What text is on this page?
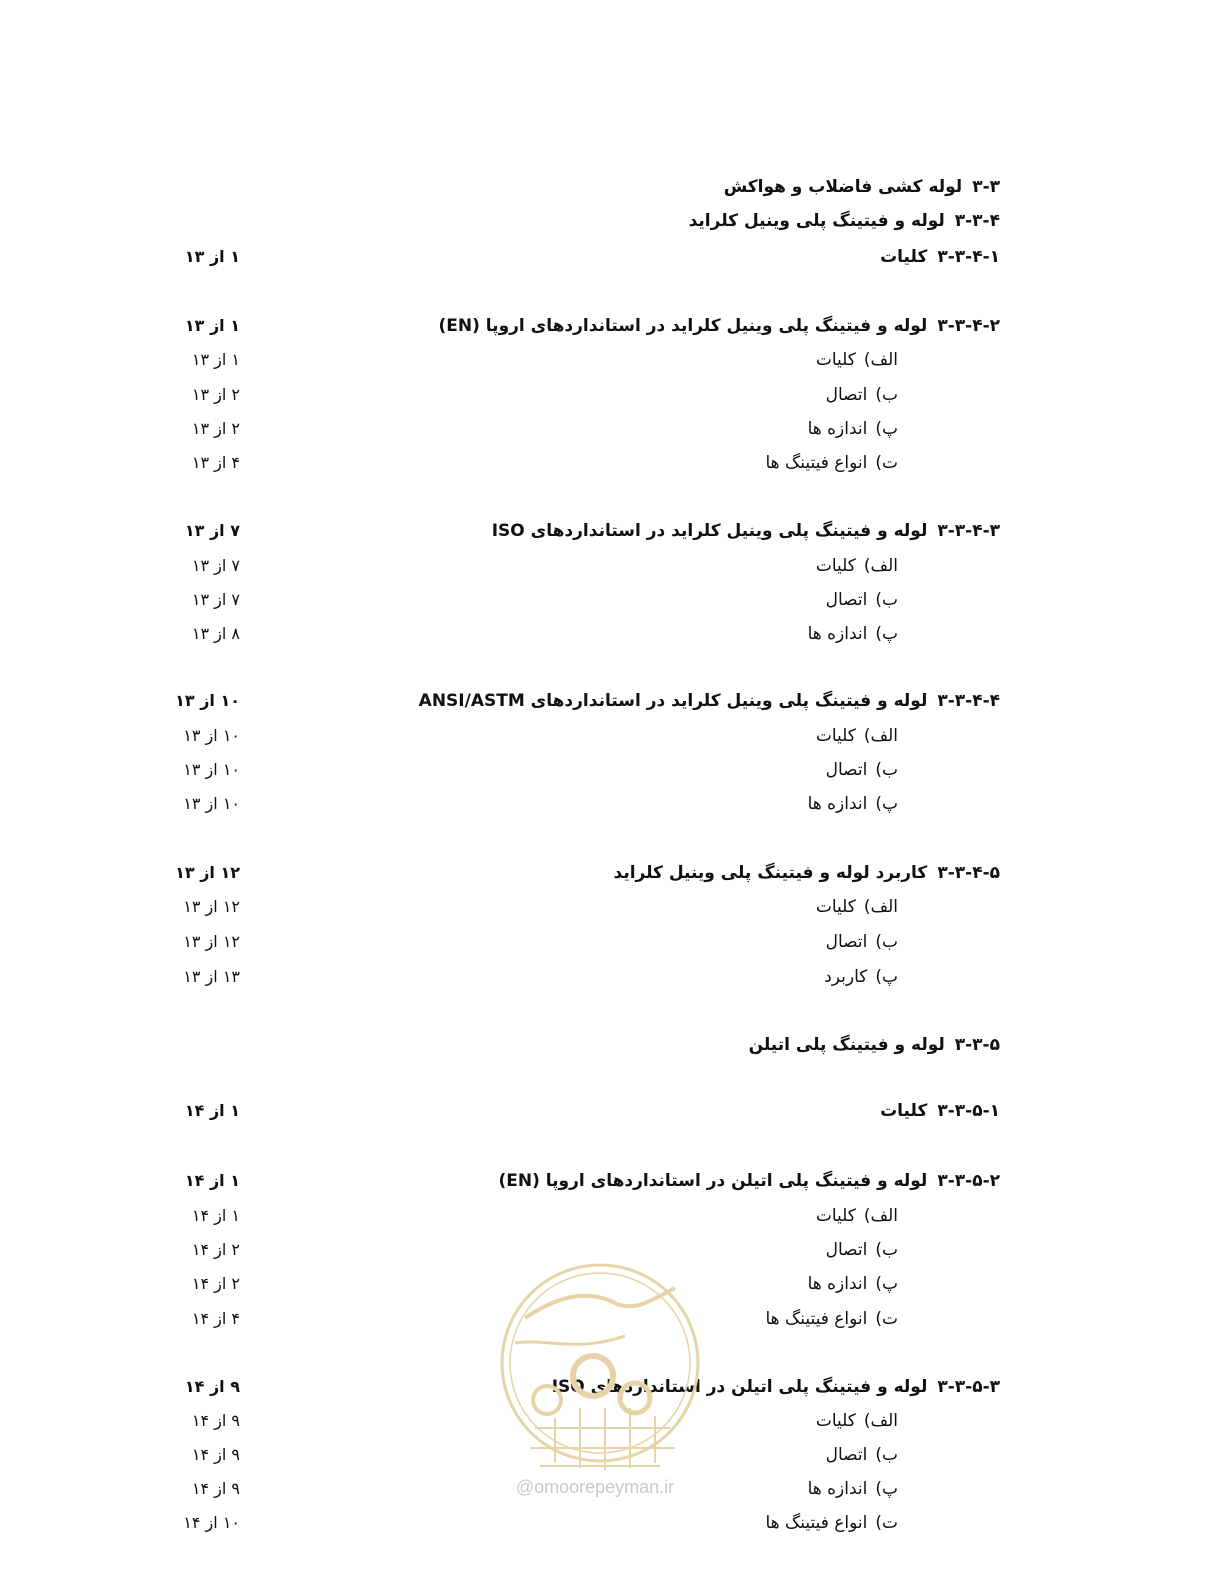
۳-۳لوله کشی فاضلاب و هواکش
۳-۳-۴لوله و فیتینگ پلی وینیل کلراید
۳-۳-۴-۱کلیات
۱ از ۱۳
۳-۳-۴-۲لوله و فیتینگ پلی وینیل کلراید در استانداردهای اروپا (EN)
۱ از ۱۳
الف)کلیات
۱ از ۱۳
ب)اتصال
۲ از ۱۳
پ)اندازه ها
۲ از ۱۳
ت)انواع فیتینگ ها
۴ از ۱۳
۳-۳-۴-۳لوله و فیتینگ پلی وینیل کلراید در استانداردهای ISO
۷ از ۱۳
الف)کلیات
۷ از ۱۳
ب)اتصال
۷ از ۱۳
پ)اندازه ها
۸ از ۱۳
۳-۳-۴-۴لوله و فیتینگ پلی وینیل کلراید در استانداردهای ANSI/ASTM
۱۰ از ۱۳
الف)کلیات
۱۰ از ۱۳
ب)اتصال
۱۰ از ۱۳
پ)اندازه ها
۱۰ از ۱۳
۳-۳-۴-۵کاربرد لوله و فیتینگ پلی وینیل کلراید
۱۲ از ۱۳
الف)کلیات
۱۲ از ۱۳
ب)اتصال
۱۲ از ۱۳
پ)کاربرد
۱۳ از ۱۳
۳-۳-۵لوله و فیتینگ پلی اتیلن
۳-۳-۵-۱کلیات
۱ از ۱۴
۳-۳-۵-۲لوله و فیتینگ پلی اتیلن در استانداردهای اروپا (EN)
۱ از ۱۴
الف)کلیات
۱ از ۱۴
ب)اتصال
۲ از ۱۴
پ)اندازه ها
۲ از ۱۴
ت)انواع فیتینگ ها
۴ از ۱۴
۳-۳-۵-۳لوله و فیتینگ پلی اتیلن در استانداردهای ISO
۹ از ۱۴
الف)کلیات
۹ از ۱۴
ب)اتصال
۹ از ۱۴
پ)اندازه ها
۹ از ۱۴
ت)انواع فیتینگ ها
۱۰ از ۱۴
@omoorepeyman.ir
